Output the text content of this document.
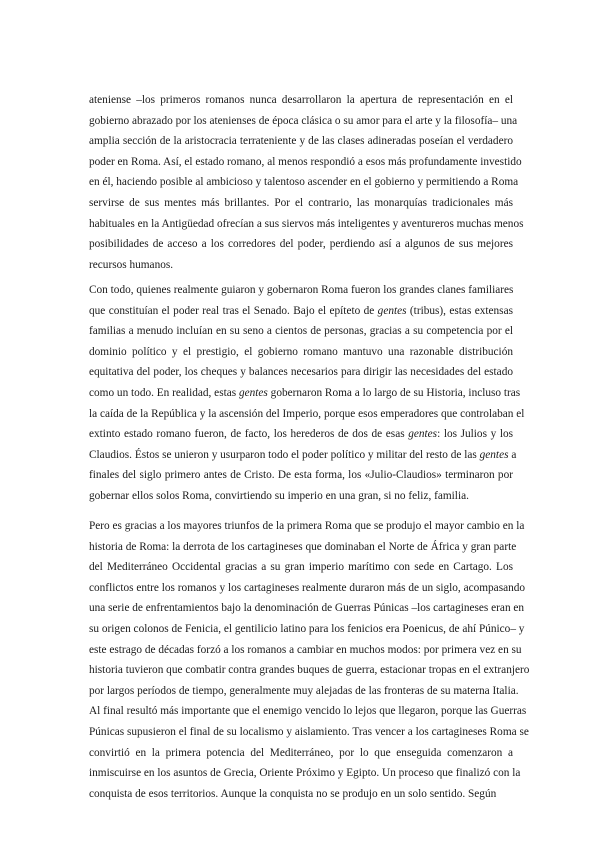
ateniense ‒los primeros romanos nunca desarrollaron la apertura de representación en el
gobierno abrazado por los atenienses de época clásica o su amor para el arte y la filosofía‒ una
amplia sección de la aristocracia terrateniente y de las clases adineradas poseían el verdadero
poder en Roma. Así, el estado romano, al menos respondió a esos más profundamente investido
en él, haciendo posible al ambicioso y talentoso ascender en el gobierno y permitiendo a Roma
servirse de sus mentes más brillantes. Por el contrario, las monarquías tradicionales más
habituales en la Antigüedad ofrecían a sus siervos más inteligentes y aventureros muchas menos
posibilidades de acceso a los corredores del poder, perdiendo así a algunos de sus mejores
recursos humanos.
Con todo, quienes realmente guiaron y gobernaron Roma fueron los grandes clanes familiares
que constituían el poder real tras el Senado. Bajo el epíteto de gentes (tribus), estas extensas
familias a menudo incluían en su seno a cientos de personas, gracias a su competencia por el
dominio político y el prestigio, el gobierno romano mantuvo una razonable distribución
equitativa del poder, los cheques y balances necesarios para dirigir las necesidades del estado
como un todo. En realidad, estas gentes gobernaron Roma a lo largo de su Historia, incluso tras
la caída de la República y la ascensión del Imperio, porque esos emperadores que controlaban el
extinto estado romano fueron, de facto, los herederos de dos de esas gentes: los Julios y los
Claudios. Éstos se unieron y usurparon todo el poder político y militar del resto de las gentes a
finales del siglo primero antes de Cristo. De esta forma, los «Julio-Claudios» terminaron por
gobernar ellos solos Roma, convirtiendo su imperio en una gran, si no feliz, familia.
Pero es gracias a los mayores triunfos de la primera Roma que se produjo el mayor cambio en la
historia de Roma: la derrota de los cartagineses que dominaban el Norte de África y gran parte
del Mediterráneo Occidental gracias a su gran imperio marítimo con sede en Cartago. Los
conflictos entre los romanos y los cartagineses realmente duraron más de un siglo, acompasando
una serie de enfrentamientos bajo la denominación de Guerras Púnicas ‒los cartagineses eran en
su origen colonos de Fenicia, el gentilicio latino para los fenicios era Poenicus, de ahí Púnico‒ y
este estrago de décadas forzó a los romanos a cambiar en muchos modos: por primera vez en su
historia tuvieron que combatir contra grandes buques de guerra, estacionar tropas en el extranjero
por largos períodos de tiempo, generalmente muy alejadas de las fronteras de su materna Italia.
Al final resultó más importante que el enemigo vencido lo lejos que llegaron, porque las Guerras
Púnicas supusieron el final de su localismo y aislamiento. Tras vencer a los cartagineses Roma se
convirtió en la primera potencia del Mediterráneo, por lo que enseguida comenzaron a
inmiscuirse en los asuntos de Grecia, Oriente Próximo y Egipto. Un proceso que finalizó con la
conquista de esos territorios. Aunque la conquista no se produjo en un solo sentido. Según
